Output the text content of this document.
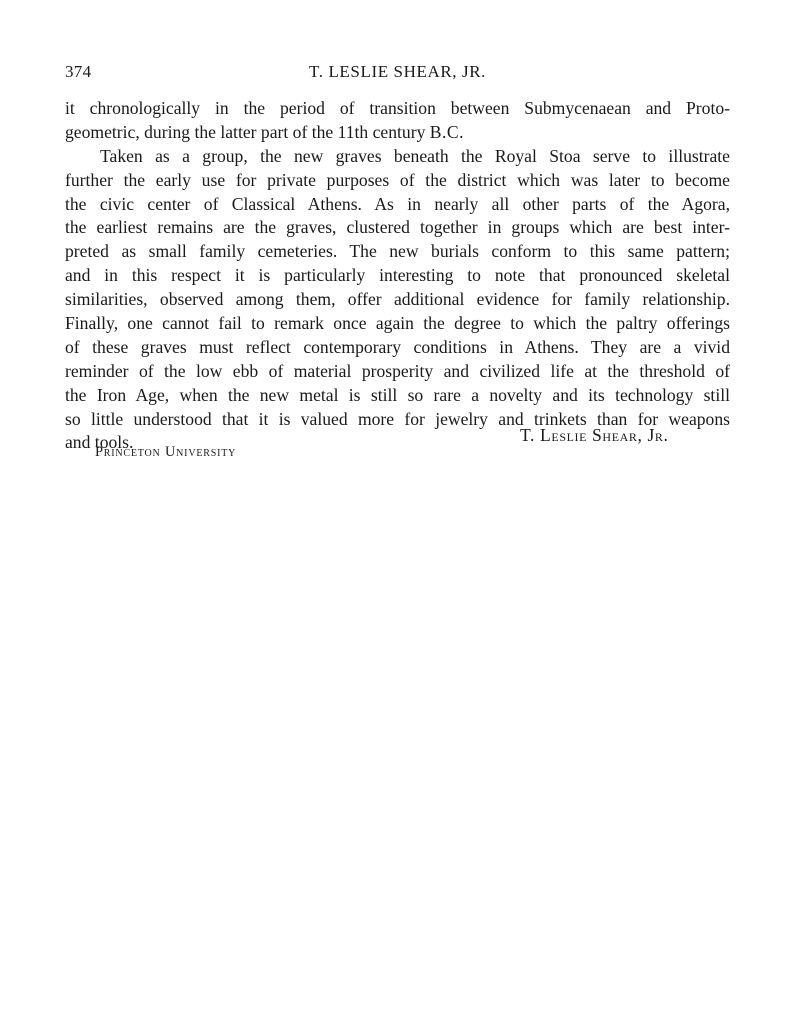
374	T. LESLIE SHEAR, JR.
it chronologically in the period of transition between Submycenaean and Proto-
geometric, during the latter part of the 11th century B.C.
Taken as a group, the new graves beneath the Royal Stoa serve to illustrate
further the early use for private purposes of the district which was later to become
the civic center of Classical Athens. As in nearly all other parts of the Agora,
the earliest remains are the graves, clustered together in groups which are best inter-
preted as small family cemeteries. The new burials conform to this same pattern;
and in this respect it is particularly interesting to note that pronounced skeletal
similarities, observed among them, offer additional evidence for family relationship.
Finally, one cannot fail to remark once again the degree to which the paltry offerings
of these graves must reflect contemporary conditions in Athens. They are a vivid
reminder of the low ebb of material prosperity and civilized life at the threshold of
the Iron Age, when the new metal is still so rare a novelty and its technology still
so little understood that it is valued more for jewelry and trinkets than for weapons
and tools.	T. Leslie Shear, Jr.
Princeton University
